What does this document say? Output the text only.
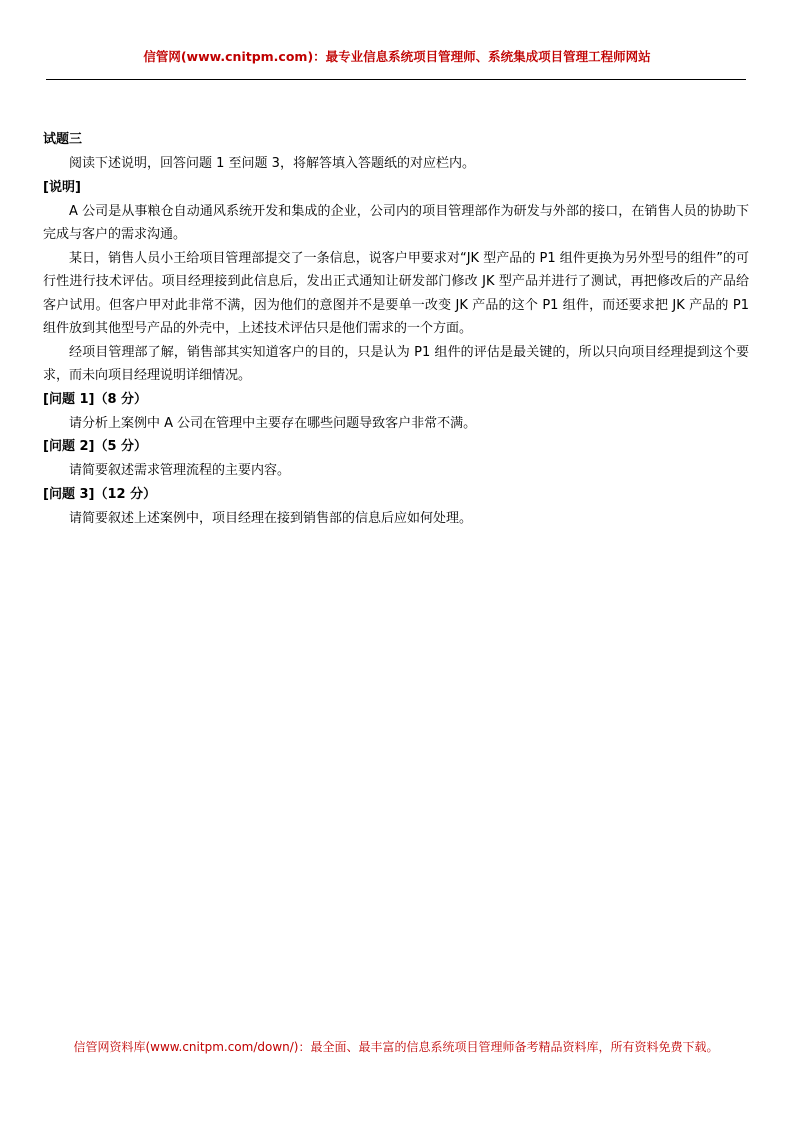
信管网(www.cnitpm.com)：最专业信息系统项目管理师、系统集成项目管理工程师网站
试题三

阅读下述说明，回答问题 1 至问题 3，将解答填入答题纸的对应栏内。

[说明]

A 公司是从事粮仓自动通风系统开发和集成的企业，公司内的项目管理部作为研发与外部的接口，在销售人员的协助下完成与客户的需求沟通。

某日，销售人员小王给项目管理部提交了一条信息，说客户甲要求对“JK 型产品的 P1 组件更换为另外型号的组件”的可行性进行技术评估。项目经理接到此信息后，发出正式通知让研发部门修改 JK 型产品并进行了测试，再把修改后的产品给客户试用。但客户甲对此非常不满，因为他们的意图并不是要单一改变 JK 产品的这个 P1 组件，而还要求把 JK 产品的 P1 组件放到其他型号产品的外壳中，上述技术评估只是他们需求的一个方面。

经项目管理部了解，销售部其实知道客户的目的，只是认为 P1 组件的评估是最关键的，所以只向项目经理提到这个要求，而未向项目经理说明详细情况。

[问题 1]（8 分）

请分析上案例中 A 公司在管理中主要存在哪些问题导致客户非常不满。

[问题 2]（5 分）

请简要叙述需求管理流程的主要内容。

[问题 3]（12 分）

请简要叙述上述案例中，项目经理在接到销售部的信息后应如何处理。

信管网资料库(www.cnitpm.com/down/)：最全面、最丰富的信息系统项目管理师备考精品资料库，所有资料免费下载。
